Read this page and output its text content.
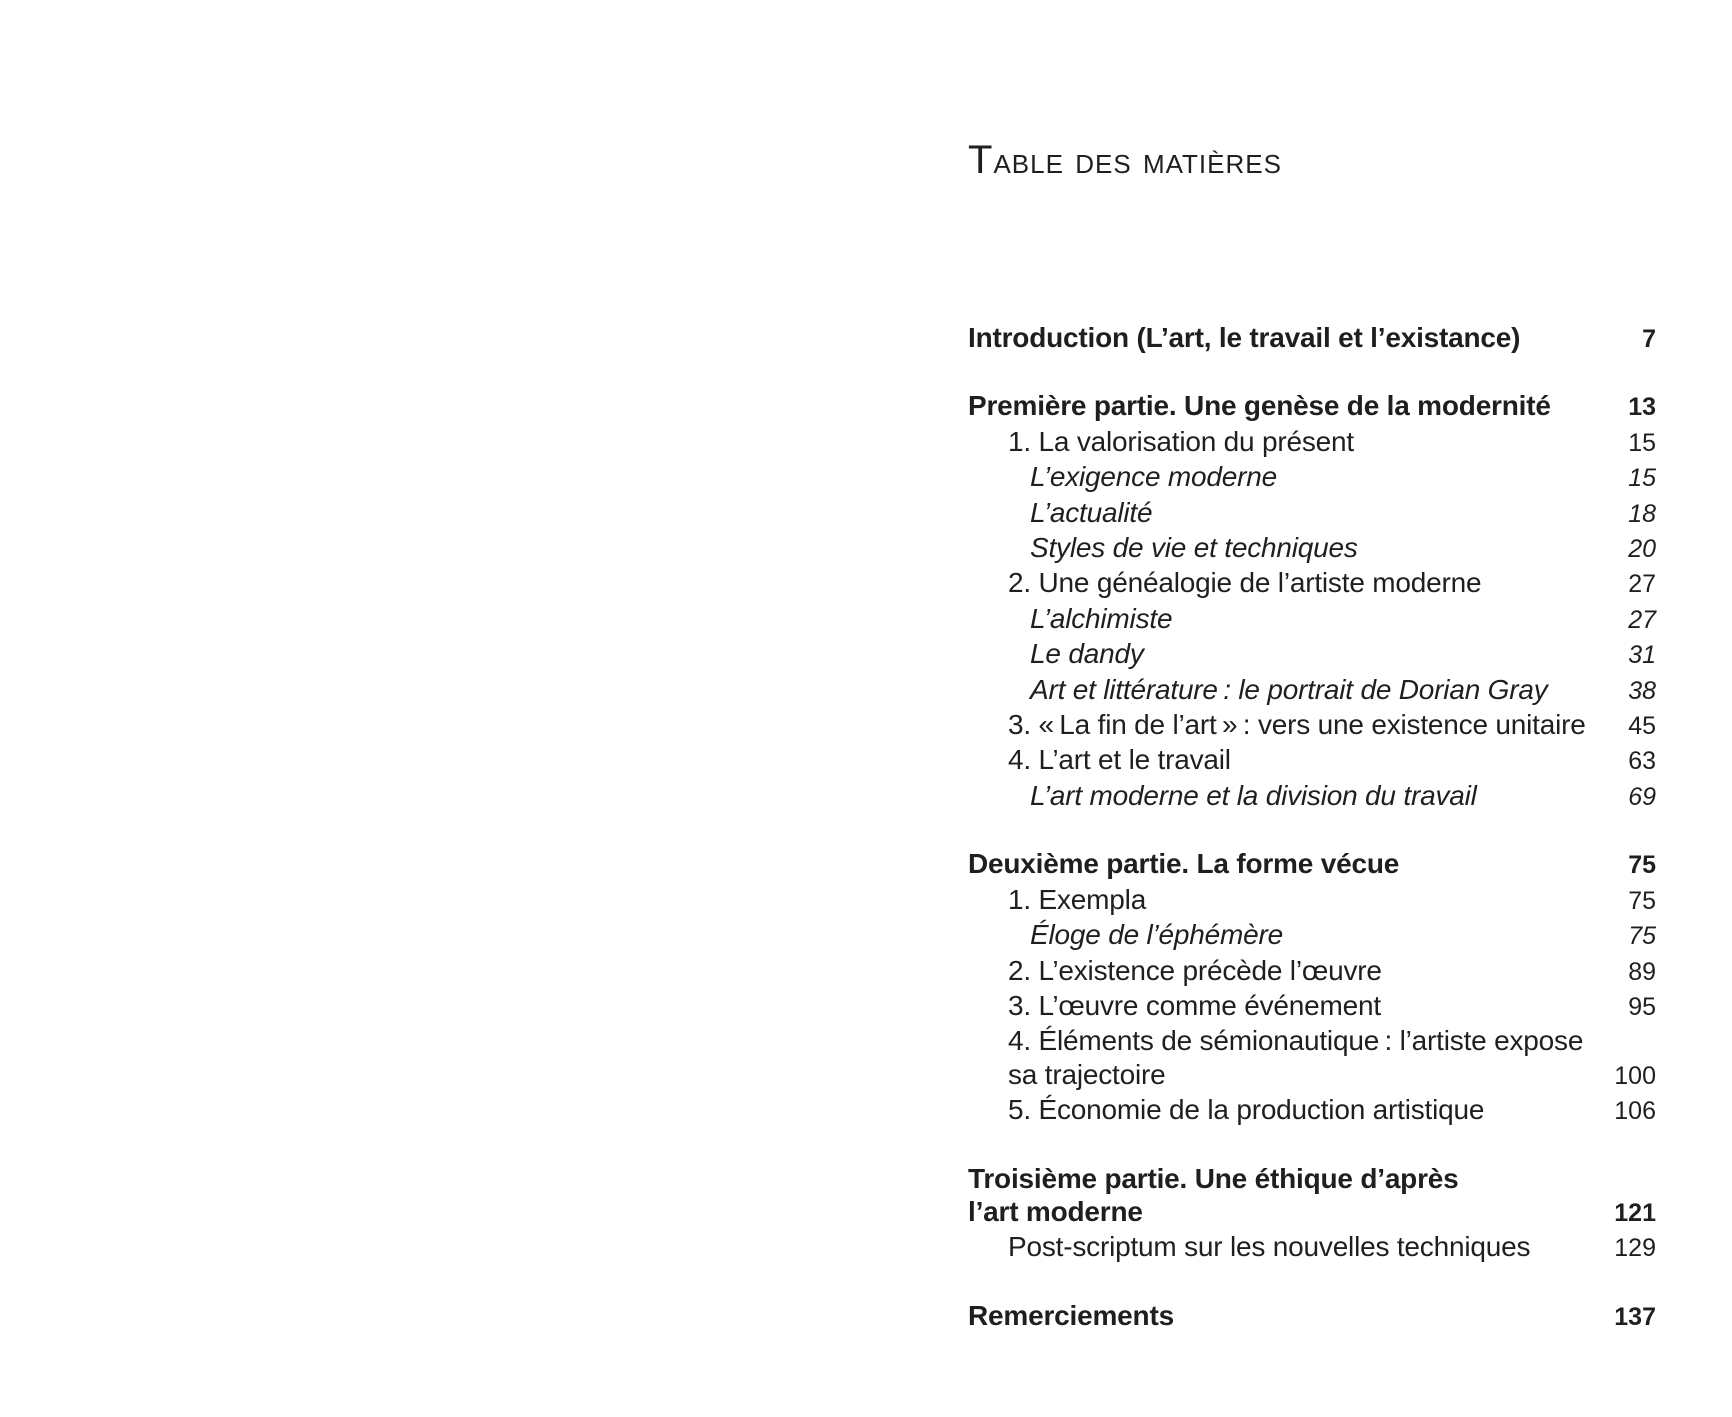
Table des matières
Introduction (L’art, le travail et l’existance)	7
Première partie. Une genèse de la modernité	13
1. La valorisation du présent	15
L’exigence moderne	15
L’actualité	18
Styles de vie et techniques	20
2. Une généalogie de l’artiste moderne	27
L’alchimiste	27
Le dandy	31
Art et littérature : le portrait de Dorian Gray	38
3. « La fin de l’art » : vers une existence unitaire	45
4. L’art et le travail	63
L’art moderne et la division du travail	69
Deuxième partie. La forme vécue	75
1. Exempla	75
Éloge de l’éphémère	75
2. L’existence précède l’œuvre	89
3. L’œuvre comme événement	95
4. Éléments de sémionautique : l’artiste expose
sa trajectoire	100
5. Économie de la production artistique	106
Troisième partie. Une éthique d’après
l’art moderne	121
Post-scriptum sur les nouvelles techniques	129
Remerciements	137
